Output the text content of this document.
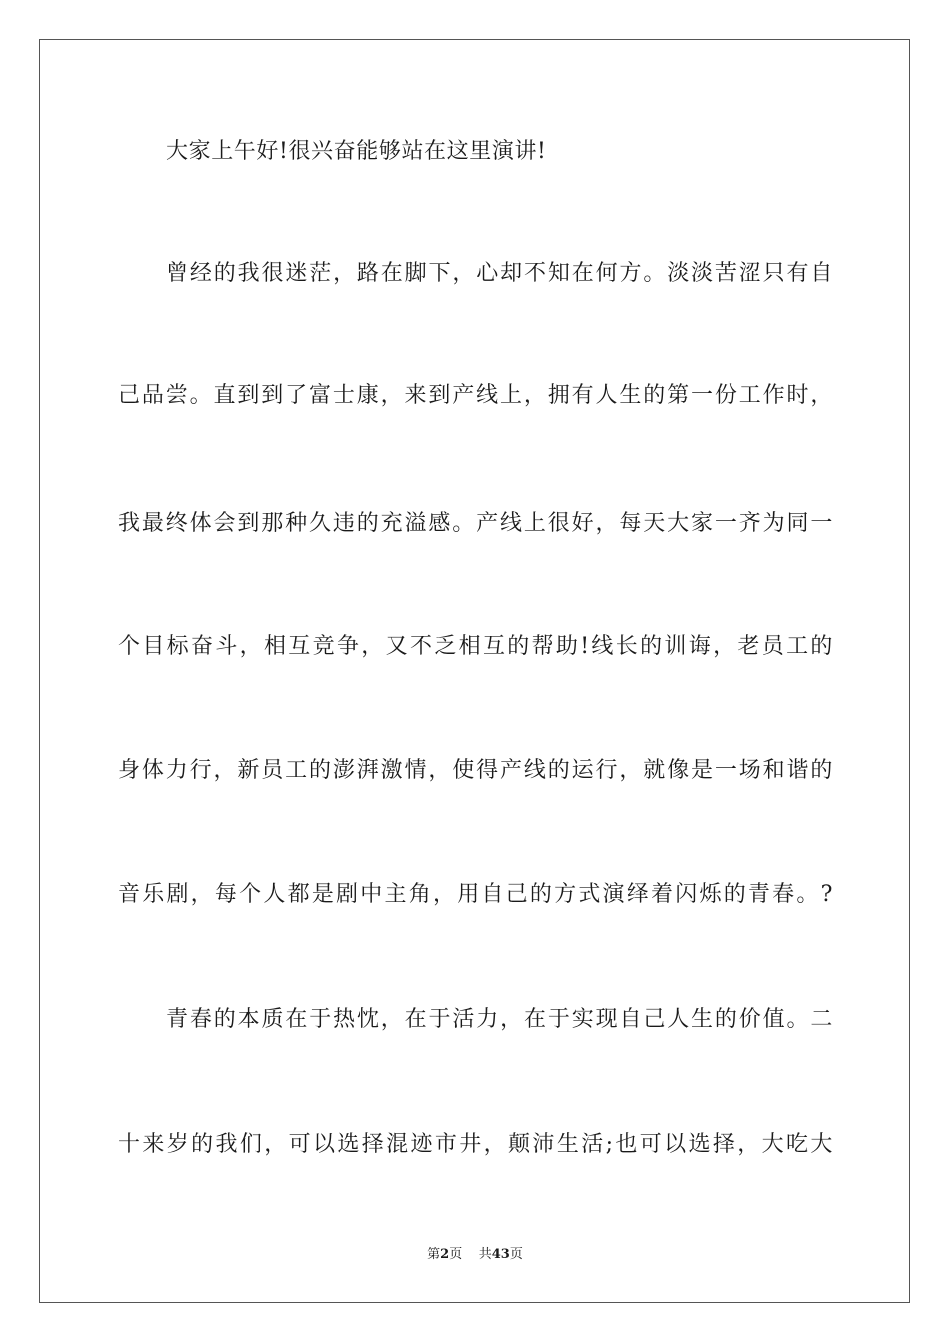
大家上午好!很兴奋能够站在这里演讲!
曾经的我很迷茫，路在脚下，心却不知在何方。淡淡苦涩只有自
己品尝。直到到了富士康，来到产线上，拥有人生的第一份工作时，
我最终体会到那种久违的充溢感。产线上很好，每天大家一齐为同一
个目标奋斗，相互竞争，又不乏相互的帮助!线长的训诲，老员工的
身体力行，新员工的澎湃激情，使得产线的运行，就像是一场和谐的
音乐剧，每个人都是剧中主角，用自己的方式演绎着闪烁的青春。?
青春的本质在于热忱，在于活力，在于实现自己人生的价值。二
十来岁的我们，可以选择混迹市井，颠沛生活;也可以选择，大吃大
第2页 共43页
